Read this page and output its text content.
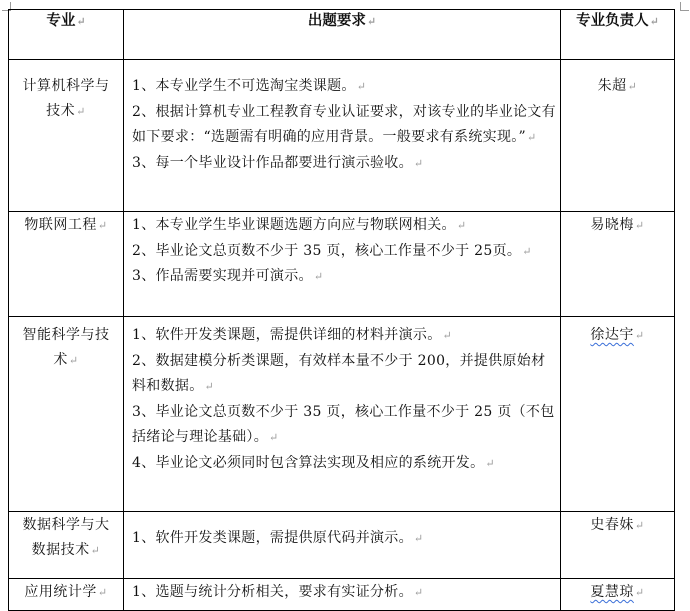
专业↵	出题要求↵	专业负责人↵
计算机科学与技术↵	1、本专业学生不可选淘宝类课题。↵

2、根据计算机专业工程教育专业认证要求，对该专业的毕业论文有如下要求：“选题需有明确的应用背景。一般要求有系统实现。”↵

3、每一个毕业设计作品都要进行演示验收。↵	朱超↵
物联网工程↵	1、本专业学生毕业课题选题方向应与物联网相关。↵

2、毕业论文总页数不少于 35 页，核心工作量不少于 25页。↵

3、作品需要实现并可演示。↵	易晓梅↵
智能科学与技术↵	1、软件开发类课题，需提供详细的材料并演示。↵

2、数据建模分析类课题，有效样本量不少于 200，并提供原始材料和数据。↵

3、毕业论文总页数不少于 35 页，核心工作量不少于 25 页（不包括绪论与理论基础）。↵

4、毕业论文必须同时包含算法实现及相应的系统开发。↵	徐达宇↵
数据科学与大数据技术↵	1、软件开发类课题，需提供原代码并演示。↵	史春妹↵
应用统计学↵	1、选题与统计分析相关，要求有实证分析。↵	夏慧琼↵
